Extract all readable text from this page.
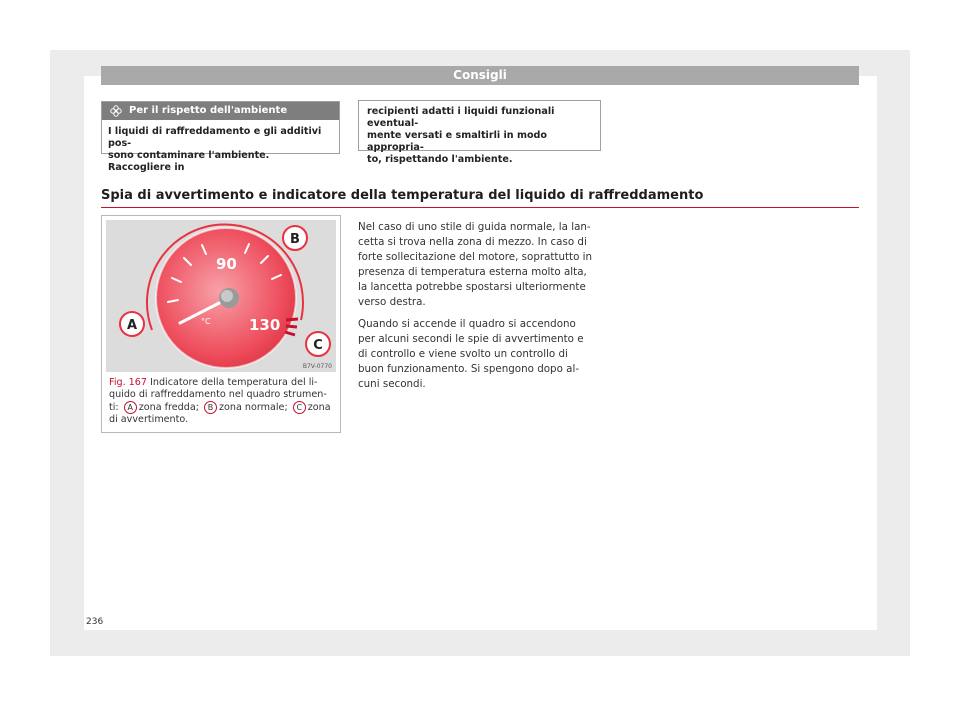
Consigli
Per il rispetto dell'ambiente
I liquidi di raffreddamento e gli additivi pos-
sono contaminare l'ambiente. Raccogliere in
recipienti adatti i liquidi funzionali eventual-
mente versati e smaltirli in modo appropria-
to, rispettando l'ambiente.
Spia di avvertimento e indicatore della temperatura del liquido di raffreddamento
90
130
°C
A
B
C
B7V-0770
Fig. 167 Indicatore della temperatura del li-
quido di raffreddamento nel quadro strumen-
ti: A zona fredda; B zona normale; C zona
di avvertimento.

Nel caso di uno stile di guida normale, la lan-
cetta si trova nella zona di mezzo. In caso di
forte sollecitazione del motore, soprattutto in
presenza di temperatura esterna molto alta,
la lancetta potrebbe spostarsi ulteriormente
verso destra.

Quando si accende il quadro si accendono
per alcuni secondi le spie di avvertimento e
di controllo e viene svolto un controllo di
buon funzionamento. Si spengono dopo al-
cuni secondi.

236
